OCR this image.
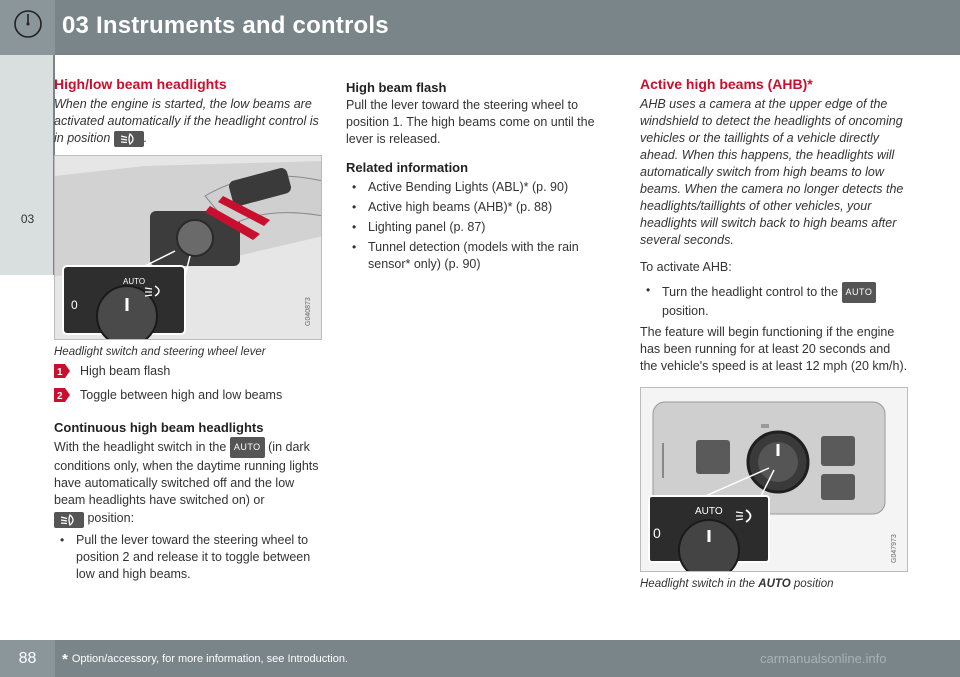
03 Instruments and controls
03
High/low beam headlights
When the engine is started, the low beams are activated automatically if the headlight control is in position	.
AUTO
0	G040873
Headlight switch and steering wheel lever
1 High beam flash
2 Toggle between high and low beams
Continuous high beam headlights

With the headlight switch in the AUTO (in dark conditions only, when the daytime running lights have automatically switched off and the low beam headlights have switched on) or

position:

• Pull the lever toward the steering wheel to position 2 and release it to toggle between low and high beams.
High beam flash

Pull the lever toward the steering wheel to position 1. The high beams come on until the lever is released.

Related information
• Active Bending Lights (ABL)* (p. 90)
• Active high beams (AHB)* (p. 88)
• Lighting panel (p. 87)
• Tunnel detection (models with the rain sensor* only) (p. 90)
Active high beams (AHB)*
AHB uses a camera at the upper edge of the windshield to detect the headlights of oncoming vehicles or the taillights of a vehicle directly ahead. When this happens, the headlights will automatically switch from high beams to low beams. When the camera no longer detects the headlights/taillights of other vehicles, your headlights will switch back to high beams after several seconds.

To activate AHB:

• Turn the headlight control to the AUTO position.

The feature will begin functioning if the engine has been running for at least 20 seconds and the vehicle's speed is at least 12 mph (20 km/h).

AUTO
0
G047973
Headlight switch in the AUTO position
88	* Option/accessory, for more information, see Introduction.	carmanualsonline.info
